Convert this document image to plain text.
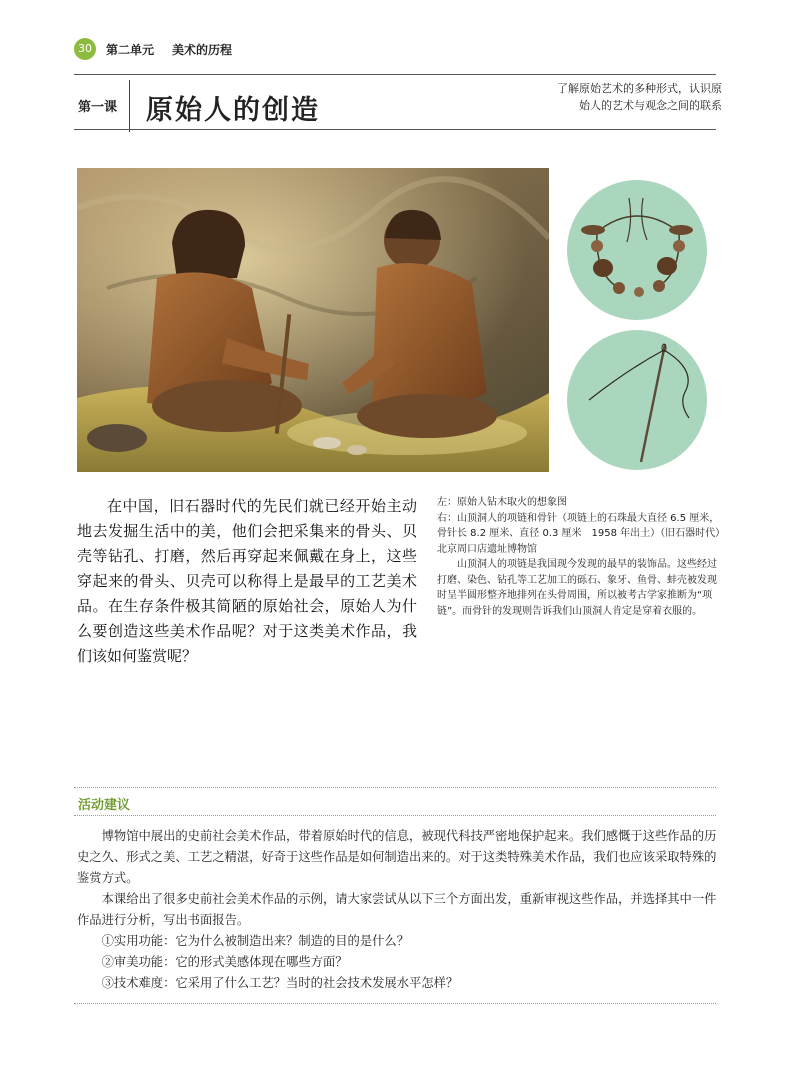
30	第二单元 美术的历程
第一课 原始人的创造
了解原始艺术的多种形式，认识原始人的艺术与观念之间的联系
在中国，旧石器时代的先民们就已经开始主动地去发掘生活中的美，他们会把采集来的骨头、贝壳等钻孔、打磨，然后再穿起来佩戴在身上，这些穿起来的骨头、贝壳可以称得上是最早的工艺美术品。在生存条件极其简陋的原始社会，原始人为什么要创造这些美术作品呢？对于这类美术作品，我们该如何鉴赏呢？

左：原始人钻木取火的想象图

右：山顶洞人的项链和骨针（项链上的石珠最大直径 6.5 厘米，骨针长 8.2 厘米、直径 0.3 厘米　1958 年出土）（旧石器时代）北京周口店遗址博物馆

山顶洞人的项链是我国现今发现的最早的装饰品。这些经过打磨、染色、钻孔等工艺加工的砾石、象牙、鱼骨、蚌壳被发现时呈半圆形整齐地排列在头骨周围，所以被考古学家推断为“项链”。而骨针的发现则告诉我们山顶洞人肯定是穿着衣服的。

活动建议

博物馆中展出的史前社会美术作品，带着原始时代的信息，被现代科技严密地保护起来。我们感慨于这些作品的历史之久、形式之美、工艺之精湛，好奇于这些作品是如何制造出来的。对于这类特殊美术作品，我们也应该采取特殊的鉴赏方式。

本课给出了很多史前社会美术作品的示例，请大家尝试从以下三个方面出发，重新审视这些作品，并选择其中一件作品进行分析，写出书面报告。

①实用功能：它为什么被制造出来？制造的目的是什么？

②审美功能：它的形式美感体现在哪些方面？

③技术难度：它采用了什么工艺？当时的社会技术发展水平怎样？
